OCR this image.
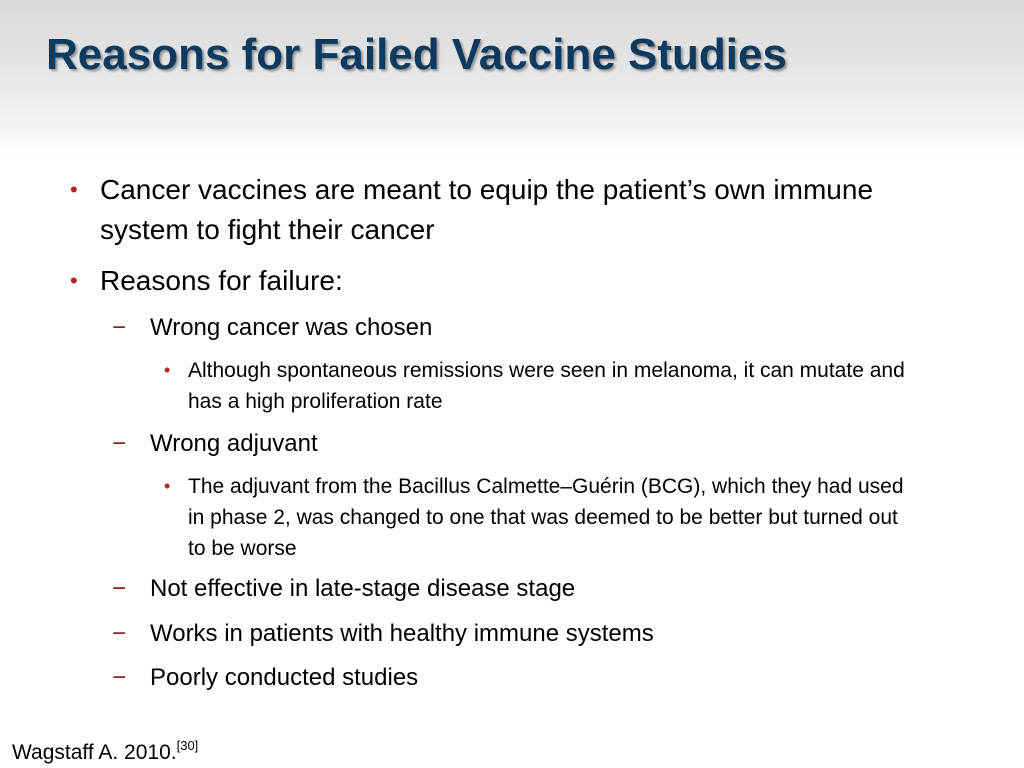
Reasons for Failed Vaccine Studies
• Cancer vaccines are meant to equip the patient’s own immune system to fight their cancer
• Reasons for failure:
− Wrong cancer was chosen
• Although spontaneous remissions were seen in melanoma, it can mutate and has a high proliferation rate
− Wrong adjuvant
• The adjuvant from the Bacillus Calmette–Guérin (BCG), which they had used in phase 2, was changed to one that was deemed to be better but turned out to be worse
− Not effective in late-stage disease stage
− Works in patients with healthy immune systems
− Poorly conducted studies
Wagstaff A. 2010.[30]
